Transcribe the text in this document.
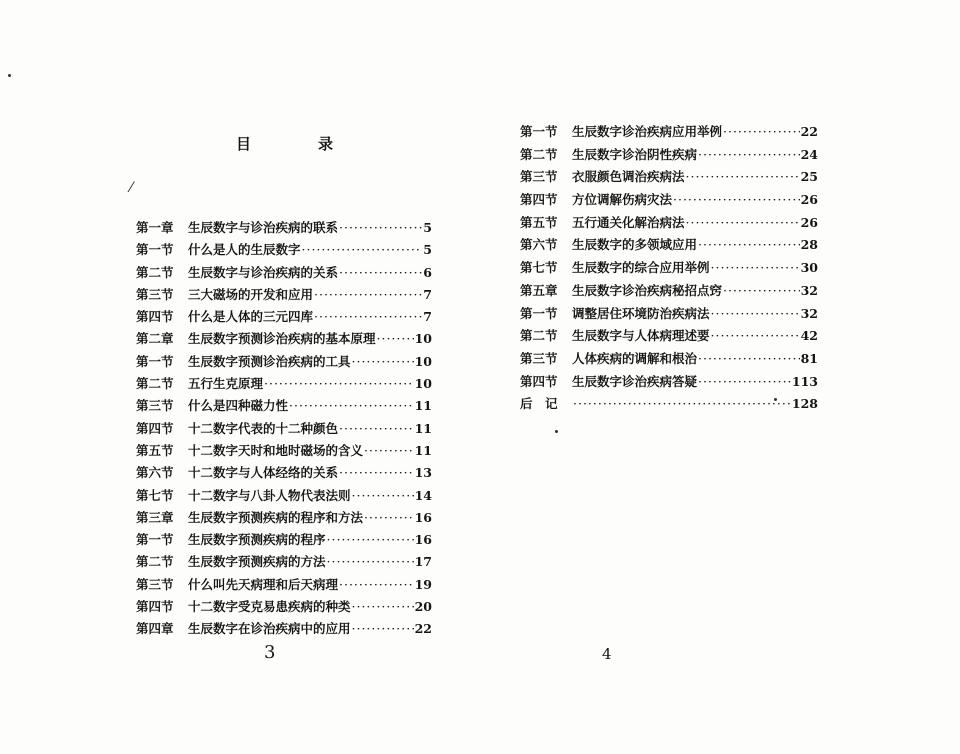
目　录
⁄
第一章	生辰数字与诊治疾病的联系 ·····	5
第一节	什么是人的生辰数字 ·····	5
第二节	生辰数字与诊治疾病的关系 ·····	6
第三节	三大磁场的开发和应用 ·····	7
第四节	什么是人体的三元四库 ·····	7
第二章	生辰数字预测诊治疾病的基本原理 ·····	10
第一节	生辰数字预测诊治疾病的工具 ·····	10
第二节	五行生克原理 ·····	10
第三节	什么是四种磁力性 ·····	11
第四节	十二数字代表的十二种颜色 ·····	11
第五节	十二数字天时和地时磁场的含义 ·····	11
第六节	十二数字与人体经络的关系 ·····	13
第七节	十二数字与八卦人物代表法则 ·····	14
第三章	生辰数字预测疾病的程序和方法 ·····	16
第一节	生辰数字预测疾病的程序 ·····	16
第二节	生辰数字预测疾病的方法 ·····	17
第三节	什么叫先天病理和后天病理 ·····	19
第四节	十二数字受克易患疾病的种类 ·····	20
第四章	生辰数字在诊治疾病中的应用 ·····	22
3
第一节	生辰数字诊治疾病应用举例 ·····	22
第二节	生辰数字诊治阴性疾病 ·····	24
第三节	衣服颜色调治疾病法 ·····	25
第四节	方位调解伤病灾法 ·····	26
第五节	五行通关化解治病法 ·····	26
第六节	生辰数字的多领域应用 ·····	28
第七节	生辰数字的综合应用举例 ·····	30
第五章	生辰数字诊治疾病秘招点窍 ·····	32
第一节	调整居住环境防治疾病法 ·····	32
第二节	生辰数字与人体病理述要 ·····	42
第三节	人体疾病的调解和根治 ·····	81
第四节	生辰数字诊治疾病答疑 ·····	113
后　记 ·····	128
4
